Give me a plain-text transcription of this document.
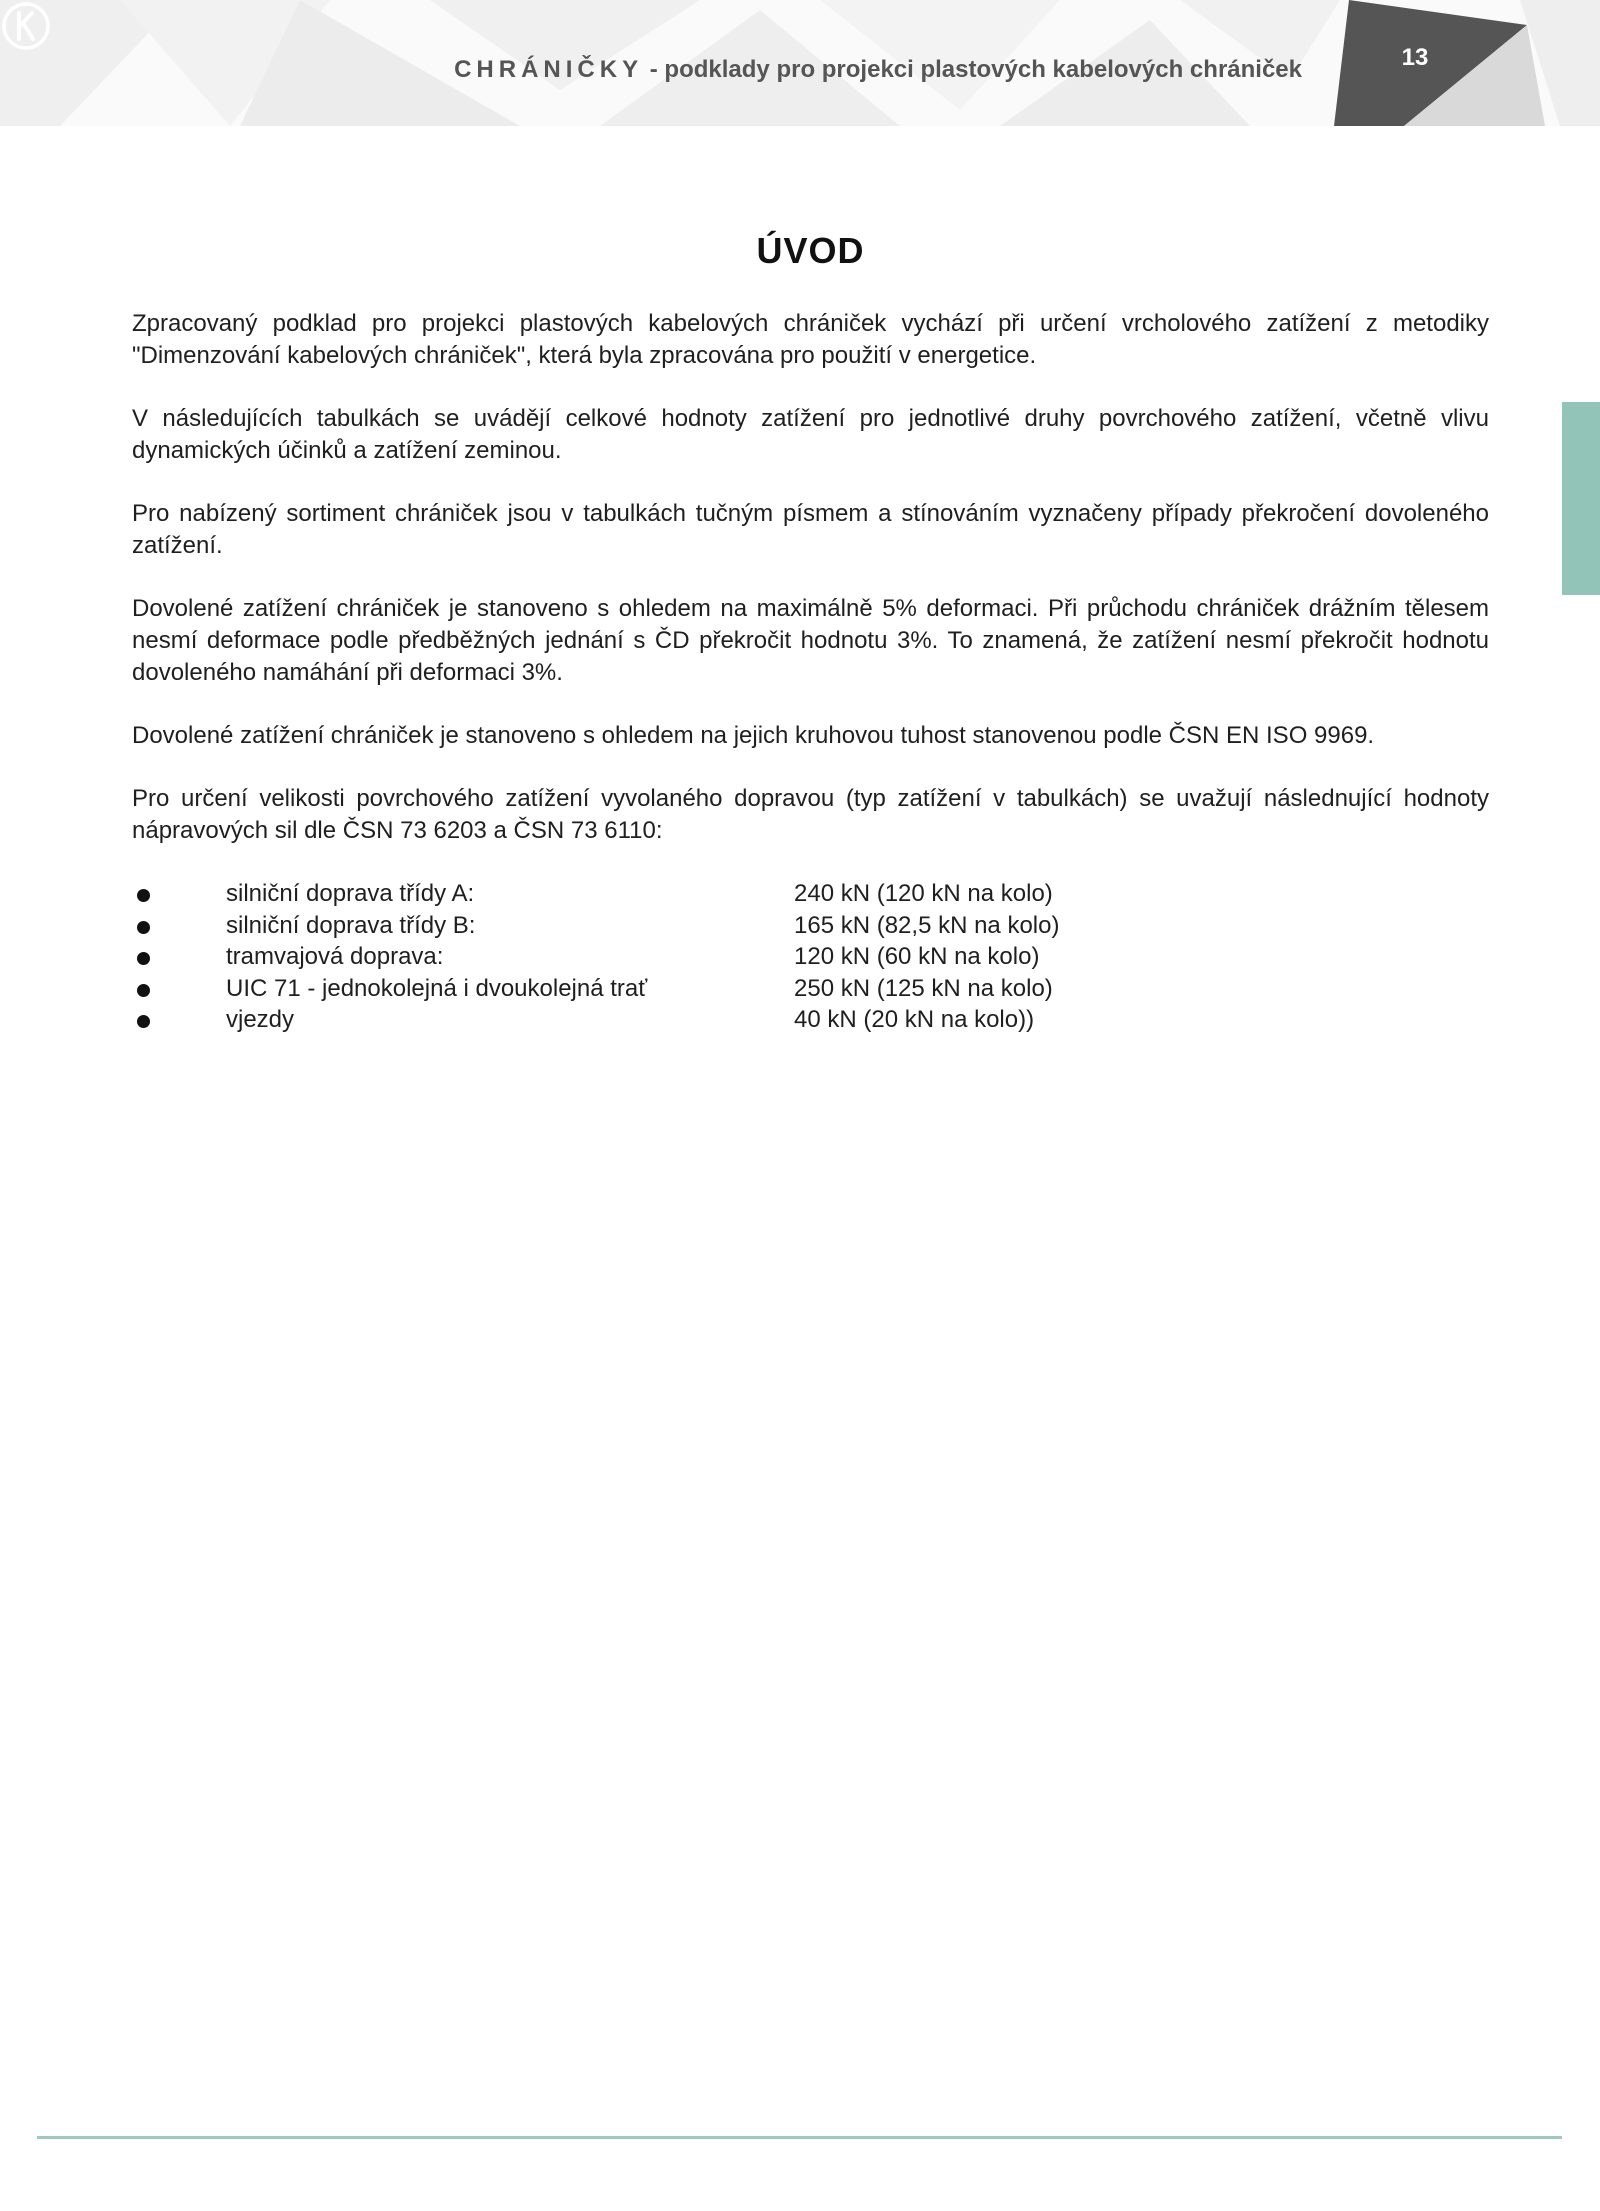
CHRÁNIČKY - podklady pro projekci plastových kabelových chrániček	13
ÚVOD

Zpracovaný podklad pro projekci plastových kabelových chrániček vychází při určení vrcholového zatížení z metodiky "Dimenzování kabelových chrániček", která byla zpracována pro použití v energetice.

V následujících tabulkách se uvádějí celkové hodnoty zatížení pro jednotlivé druhy povrchového zatížení, včetně vlivu dynamických účinků a zatížení zeminou.

Pro nabízený sortiment chrániček jsou v tabulkách tučným písmem a stínováním vyznačeny případy překročení dovoleného zatížení.

Dovolené zatížení chrániček je stanoveno s ohledem na maximálně 5% deformaci. Při průchodu chrániček drážním tělesem nesmí deformace podle předběžných jednání s ČD překročit hodnotu 3%. To znamená, že zatížení nesmí překročit hodnotu dovoleného namáhání při deformaci 3%.

Dovolené zatížení chrániček je stanoveno s ohledem na jejich kruhovou tuhost stanovenou podle ČSN EN ISO 9969.

Pro určení velikosti povrchového zatížení vyvolaného dopravou (typ zatížení v tabulkách) se uvažují následnující hodnoty nápravových sil dle ČSN 73 6203 a ČSN 73 6110:

silniční doprava třídy A:	240 kN (120 kN na kolo)
silniční doprava třídy B:	165 kN (82,5 kN na kolo)
tramvajová doprava:	120 kN (60 kN na kolo)
UIC 71 - jednokolejná i dvoukolejná trať	250 kN (125 kN na kolo)
vjezdy	40 kN (20 kN na kolo))
